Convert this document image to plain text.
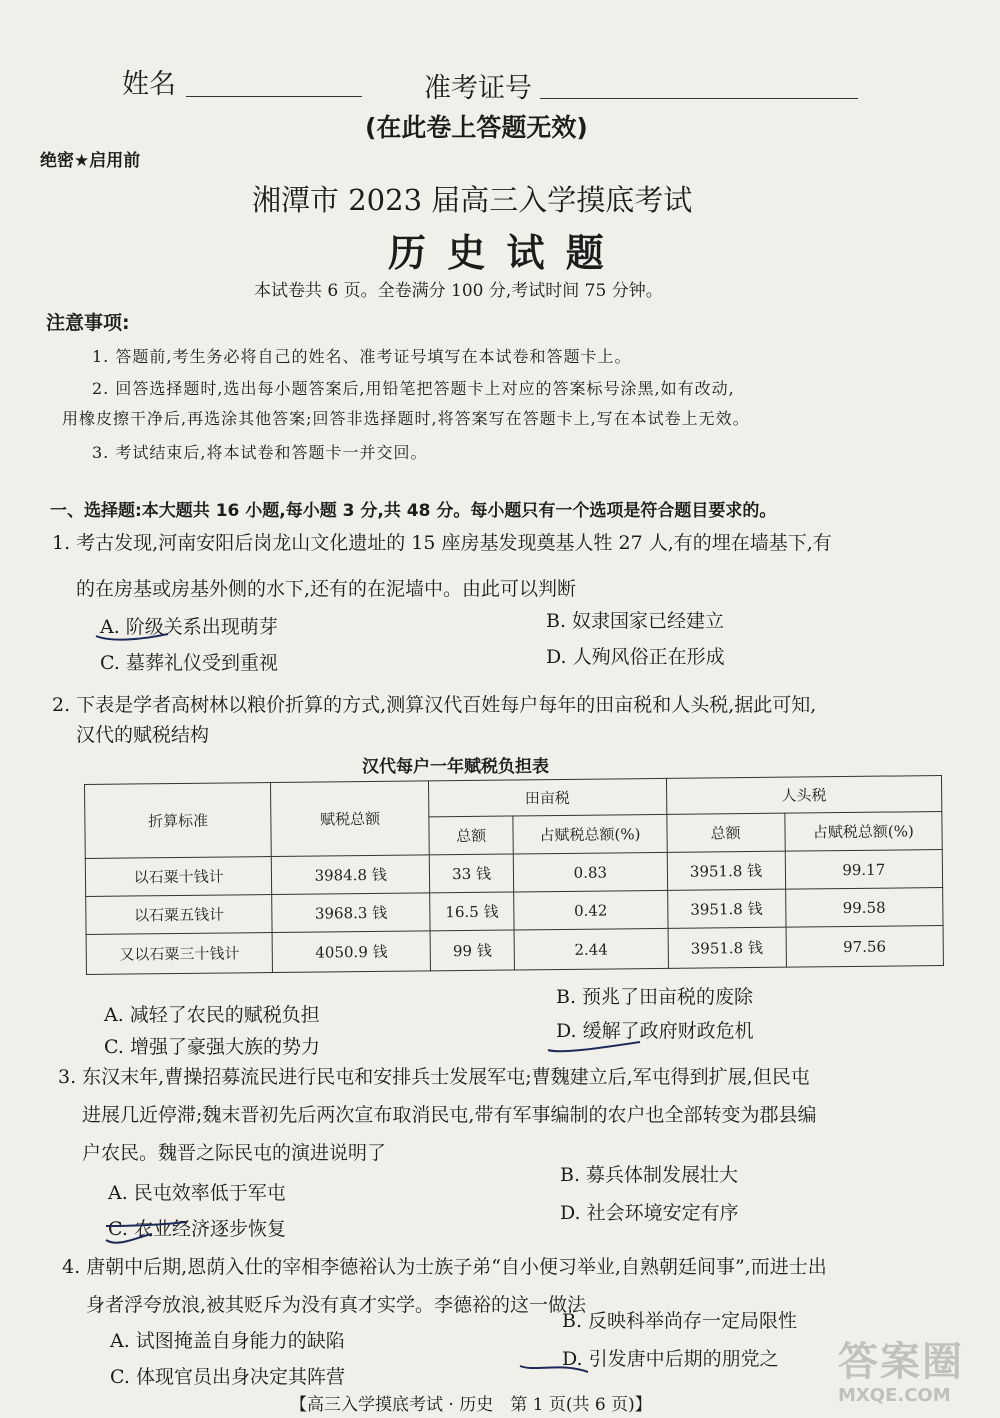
姓名	准考证号
(在此卷上答题无效)
绝密★启用前
湘潭市 2023 届高三入学摸底考试
历 史 试 题
本试卷共 6 页。全卷满分 100 分,考试时间 75 分钟。
注意事项:
1. 答题前,考生务必将自己的姓名、准考证号填写在本试卷和答题卡上。
2. 回答选择题时,选出每小题答案后,用铅笔把答题卡上对应的答案标号涂黑,如有改动,
用橡皮擦干净后,再选涂其他答案;回答非选择题时,将答案写在答题卡上,写在本试卷上无效。
3. 考试结束后,将本试卷和答题卡一并交回。
一、选择题:本大题共 16 小题,每小题 3 分,共 48 分。每小题只有一个选项是符合题目要求的。
1. 考古发现,河南安阳后岗龙山文化遗址的 15 座房基发现奠基人牲 27 人,有的埋在墙基下,有
的在房基或房基外侧的水下,还有的在泥墙中。由此可以判断
A. 阶级关系出现萌芽	B. 奴隶国家已经建立
C. 墓葬礼仪受到重视	D. 人殉风俗正在形成
2. 下表是学者高树林以粮价折算的方式,测算汉代百姓每户每年的田亩税和人头税,据此可知,
汉代的赋税结构
汉代每户一年赋税负担表
折算标准	赋税总额	田亩税		人头税	
		总额	占赋税总额(%)	总额	占赋税总额(%)
以石粟十钱计	3984.8 钱	33 钱	0.83	3951.8 钱	99.17
以石粟五钱计	3968.3 钱	16.5 钱	0.42	3951.8 钱	99.58
又以石粟三十钱计	4050.9 钱	99 钱	2.44	3951.8 钱	97.56
A. 减轻了农民的赋税负担
B. 预兆了田亩税的废除
C. 增强了豪强大族的势力
D. 缓解了政府财政危机
3. 东汉末年,曹操招募流民进行民屯和安排兵士发展军屯;曹魏建立后,军屯得到扩展,但民屯
进展几近停滞;魏末晋初先后两次宣布取消民屯,带有军事编制的农户也全部转变为郡县编
户农民。魏晋之际民屯的演进说明了
A. 民屯效率低于军屯
B. 募兵体制发展壮大
C. 农业经济逐步恢复
D. 社会环境安定有序
4. 唐朝中后期,恩荫入仕的宰相李德裕认为士族子弟“自小便习举业,自熟朝廷间事”,而进士出
身者浮夸放浪,被其贬斥为没有真才实学。李德裕的这一做法
A. 试图掩盖自身能力的缺陷
B. 反映科举尚存一定局限性
C. 体现官员出身决定其阵营
D. 引发唐中后期的朋党之
【高三入学摸底考试 · 历史　第 1 页(共 6 页)】
答案圈
MXQE.COM
